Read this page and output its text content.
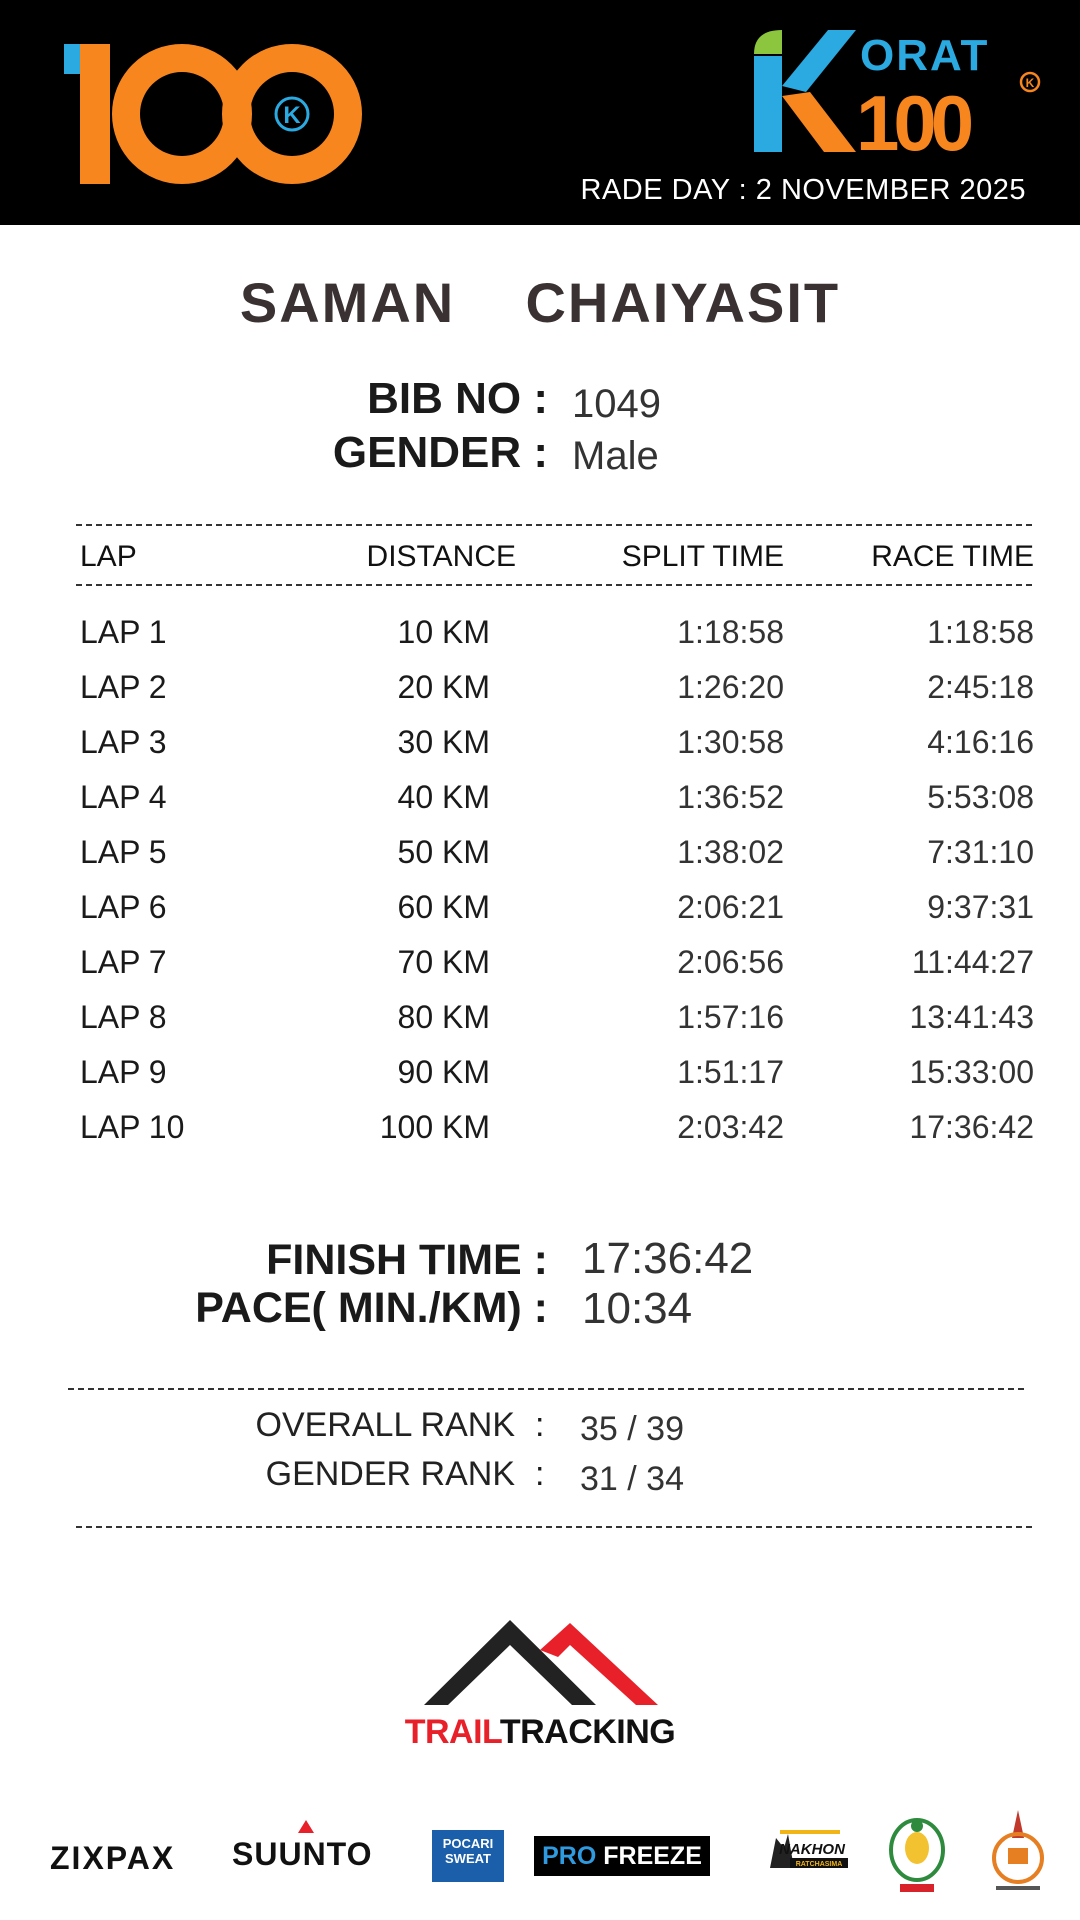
K
ORAT
100	K
RADE DAY : 2 NOVEMBER 2025
SAMAN    CHAIYASIT
BIB NO : 1049
GENDER : Male
LAP	DISTANCE	SPLIT TIME	RACE TIME
LAP 1	10 KM	1:18:58	1:18:58
LAP 2	20 KM	1:26:20	2:45:18
LAP 3	30 KM	1:30:58	4:16:16
LAP 4	40 KM	1:36:52	5:53:08
LAP 5	50 KM	1:38:02	7:31:10
LAP 6	60 KM	2:06:21	9:37:31
LAP 7	70 KM	2:06:56	11:44:27
LAP 8	80 KM	1:57:16	13:41:43
LAP 9	90 KM	1:51:17	15:33:00
LAP 10	100 KM	2:03:42	17:36:42
FINISH TIME : 17:36:42
PACE( MIN./KM) : 10:34
OVERALL RANK : 35 / 39
GENDER RANK : 31 / 34
TRAILTRACKING
ZIXPAX SUUNTO	POCARI
SWEAT	PRO FREEZE	NAKHON
RATCHASIMA
